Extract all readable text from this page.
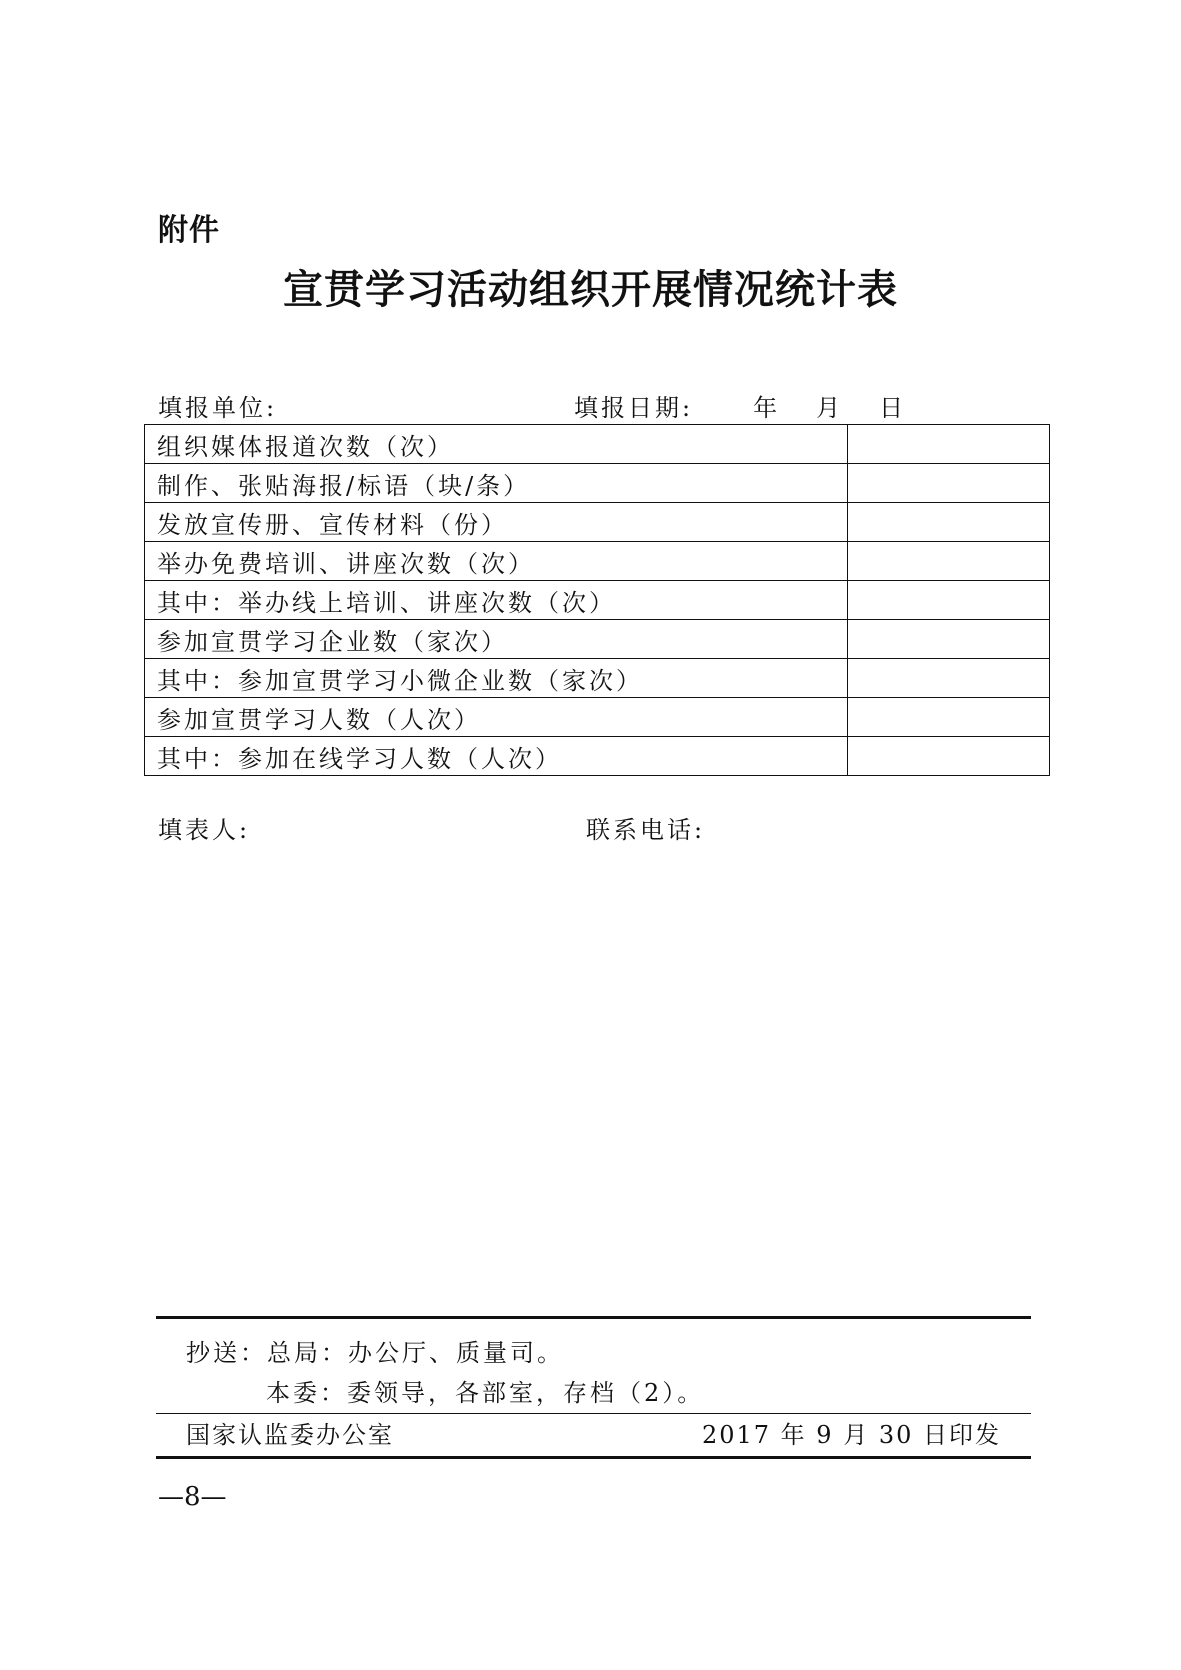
附件
宣贯学习活动组织开展情况统计表
填报单位:	填报日期:	年 月 日
组织媒体报道次数（次）	
制作、张贴海报/标语（块/条）	
发放宣传册、宣传材料（份）	
举办免费培训、讲座次数（次）	
其中：举办线上培训、讲座次数（次）	
参加宣贯学习企业数（家次）	
其中：参加宣贯学习小微企业数（家次）	
参加宣贯学习人数（人次）	
其中：参加在线学习人数（人次）	
填表人:	联系电话:
抄送：总局：办公厅、质量司。
本委：委领导，各部室，存档（2）。
国家认监委办公室	2017 年 9 月 30 日印发
—8—
